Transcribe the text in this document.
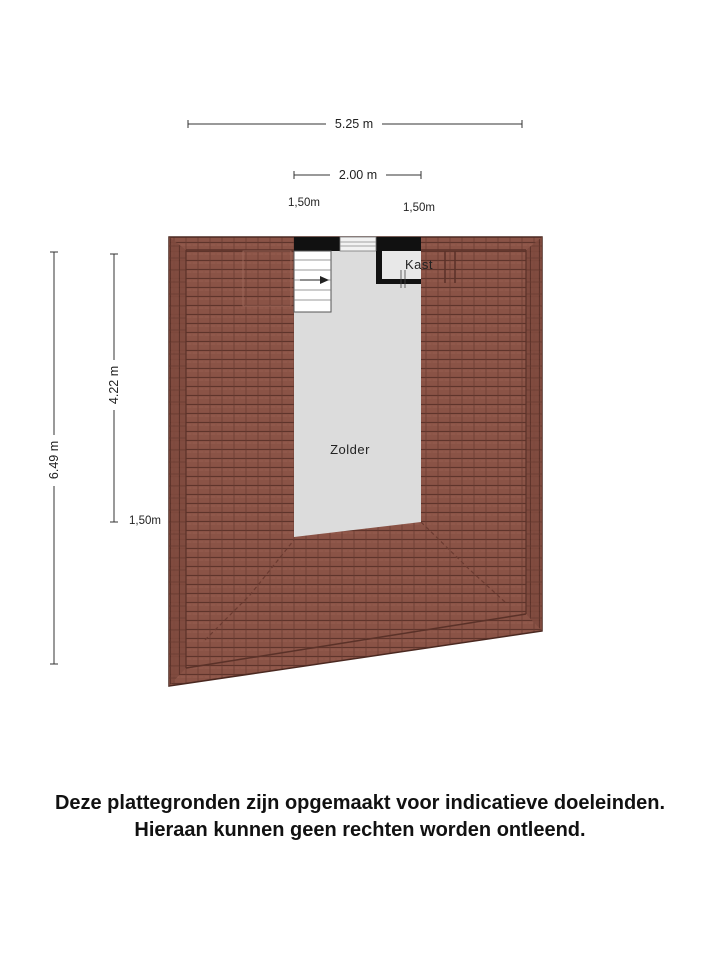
5.25 m
2.00 m
1,50m	1,50m
6.49 m
4.22 m
1,50m
Kast
Zolder
Deze plattegronden zijn opgemaakt voor indicatieve doeleinden.
Hieraan kunnen geen rechten worden ontleend.
